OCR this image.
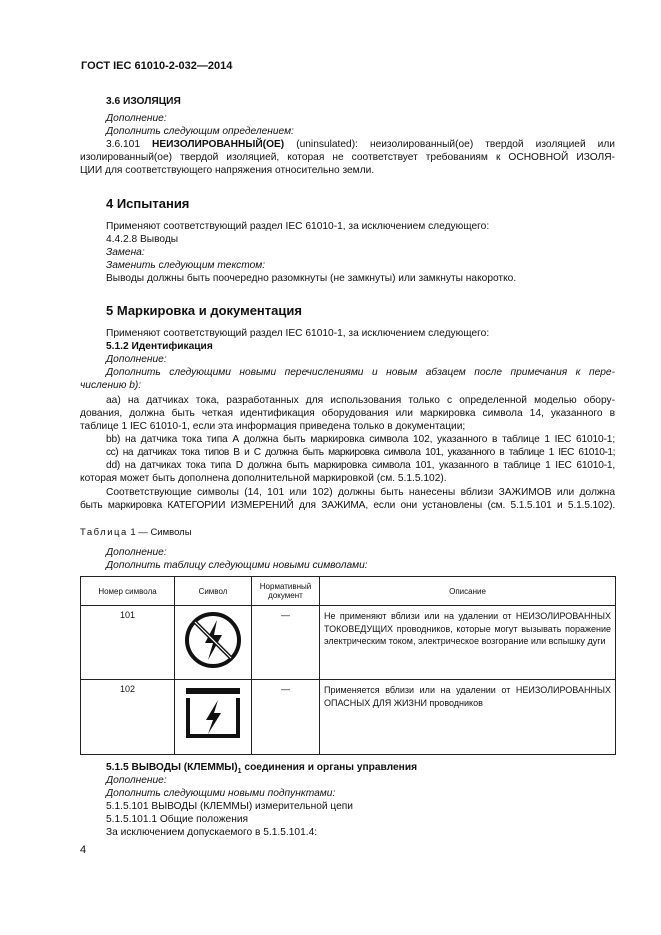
ГОСТ IEC 61010-2-032—2014
3.6 ИЗОЛЯЦИЯ
Дополнение:
Дополнить следующим определением:
3.6.101 НЕИЗОЛИРОВАННЫЙ(ОЕ) (uninsulated): неизолированный(ое) твердой изоляцией или
изолированный(ое) твердой изоляцией, которая не соответствует требованиям к ОСНОВНОЙ ИЗОЛЯ-
ЦИИ для соответствующего напряжения относительно земли.
4 Испытания
Применяют соответствующий раздел IEC 61010-1, за исключением следующего:
4.4.2.8 Выводы
Замена:
Заменить следующим текстом:
Выводы должны быть поочередно разомкнуты (не замкнуты) или замкнуты накоротко.
5 Маркировка и документация
Применяют соответствующий раздел IEC 61010-1, за исключением следующего:
5.1.2 Идентификация
Дополнение:
Дополнить следующими новыми перечислениями и новым абзацем после примечания к пере-
числению b):
aa) на датчиках тока, разработанных для использования только с определенной моделью обору-
дования, должна быть четкая идентификация оборудования или маркировка символа 14, указанного в
таблице 1 IEC 61010-1, если эта информация приведена только в документации;
bb) на датчика тока типа А должна быть маркировка символа 102, указанного в таблице 1 IEC 61010-1;
cc) на датчиках тока типов В и С должна быть маркировка символа 101, указанного в таблице 1 IEC 61010-1;
dd) на датчиках тока типа D должна быть маркировка символа 101, указанного в таблице 1 IEC 61010-1,
которая может быть дополнена дополнительной маркировкой (см. 5.1.5.102).
Соответствующие символы (14, 101 или 102) должны быть нанесены вблизи ЗАЖИМОВ или должна
быть маркировка КАТЕГОРИИ ИЗМЕРЕНИЙ для ЗАЖИМА, если они установлены (см. 5.1.5.101 и 5.1.5.102).
Таблица 1 — Символы
Дополнение:
Дополнить таблицу следующими новыми символами:
Номер символа	Символ	Нормативный документ	Описание
101		—	Не применяют вблизи или на удалении от НЕИЗОЛИРОВАННЫХ ТОКОВЕДУЩИХ проводников, которые могут вызывать поражение электрическим током, электрическое возгорание или вспышку дуги
102		—	Применяется вблизи или на удалении от НЕИЗОЛИРОВАННЫХ ОПАСНЫХ ДЛЯ ЖИЗНИ проводников
5.1.5 ВЫВОДЫ $(КЛЕММЫ)_1$ соединения и органы управления
Дополнение:
Дополнить следующими новыми подпунктами:
5.1.5.101 ВЫВОДЫ (КЛЕММЫ) измерительной цепи
5.1.5.101.1 Общие положения
За исключением допускаемого в 5.1.5.101.4:
4
